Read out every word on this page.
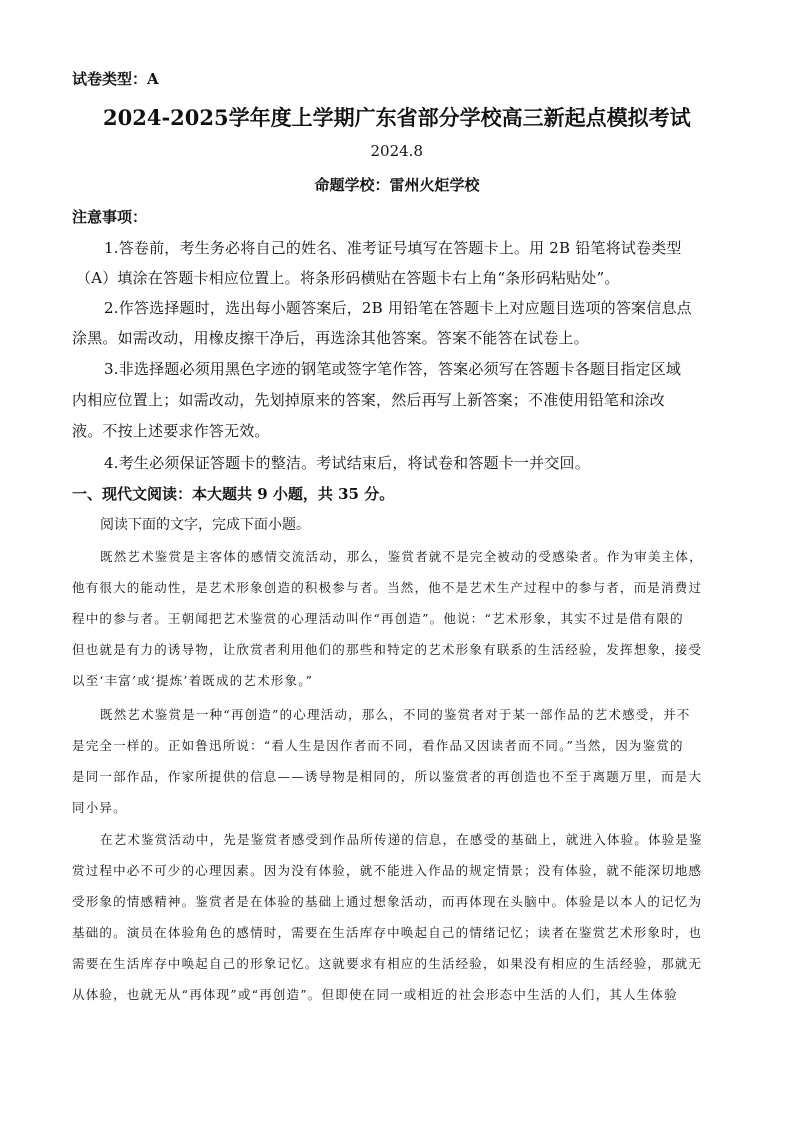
试卷类型：A
2024-2025学年度上学期广东省部分学校高三新起点模拟考试
2024.8
命题学校：雷州火炬学校
注意事项：
1.答卷前，考生务必将自己的姓名、准考证号填写在答题卡上。用 2B 铅笔将试卷类型
（A）填涂在答题卡相应位置上。将条形码横贴在答题卡右上角“条形码粘贴处”。
2.作答选择题时，选出每小题答案后，2B 用铅笔在答题卡上对应题目选项的答案信息点
涂黑。如需改动，用橡皮擦干净后，再选涂其他答案。答案不能答在试卷上。
3.非选择题必须用黑色字迹的钢笔或签字笔作答，答案必须写在答题卡各题目指定区域
内相应位置上；如需改动，先划掉原来的答案，然后再写上新答案；不准使用铅笔和涂改
液。不按上述要求作答无效。
4.考生必须保证答题卡的整洁。考试结束后，将试卷和答题卡一并交回。
一、现代文阅读：本大题共 9 小题，共 35 分。
阅读下面的文字，完成下面小题。
既然艺术鉴赏是主客体的感情交流活动，那么，鉴赏者就不是完全被动的受感染者。作为审美主体，
他有很大的能动性，是艺术形象创造的积极参与者。当然，他不是艺术生产过程中的参与者，而是消费过
程中的参与者。王朝闻把艺术鉴赏的心理活动叫作“再创造”。他说：“艺术形象，其实不过是借有限的
但也就是有力的诱导物，让欣赏者利用他们的那些和特定的艺术形象有联系的生活经验，发挥想象，接受
以至‘丰富’或‘提炼’着既成的艺术形象。”
既然艺术鉴赏是一种“再创造”的心理活动，那么，不同的鉴赏者对于某一部作品的艺术感受，并不
是完全一样的。正如鲁迅所说：“看人生是因作者而不同，看作品又因读者而不同。”当然，因为鉴赏的
是同一部作品，作家所提供的信息——诱导物是相同的，所以鉴赏者的再创造也不至于离题万里，而是大
同小异。
在艺术鉴赏活动中，先是鉴赏者感受到作品所传递的信息，在感受的基础上，就进入体验。体验是鉴
赏过程中必不可少的心理因素。因为没有体验，就不能进入作品的规定情景；没有体验，就不能深切地感
受形象的情感精神。鉴赏者是在体验的基础上通过想象活动，而再体现在头脑中。体验是以本人的记忆为
基础的。演员在体验角色的感情时，需要在生活库存中唤起自己的情绪记忆；读者在鉴赏艺术形象时，也
需要在生活库存中唤起自己的形象记忆。这就要求有相应的生活经验，如果没有相应的生活经验，那就无
从体验，也就无从“再体现”或“再创造”。但即使在同一或相近的社会形态中生活的人们，其人生体验
